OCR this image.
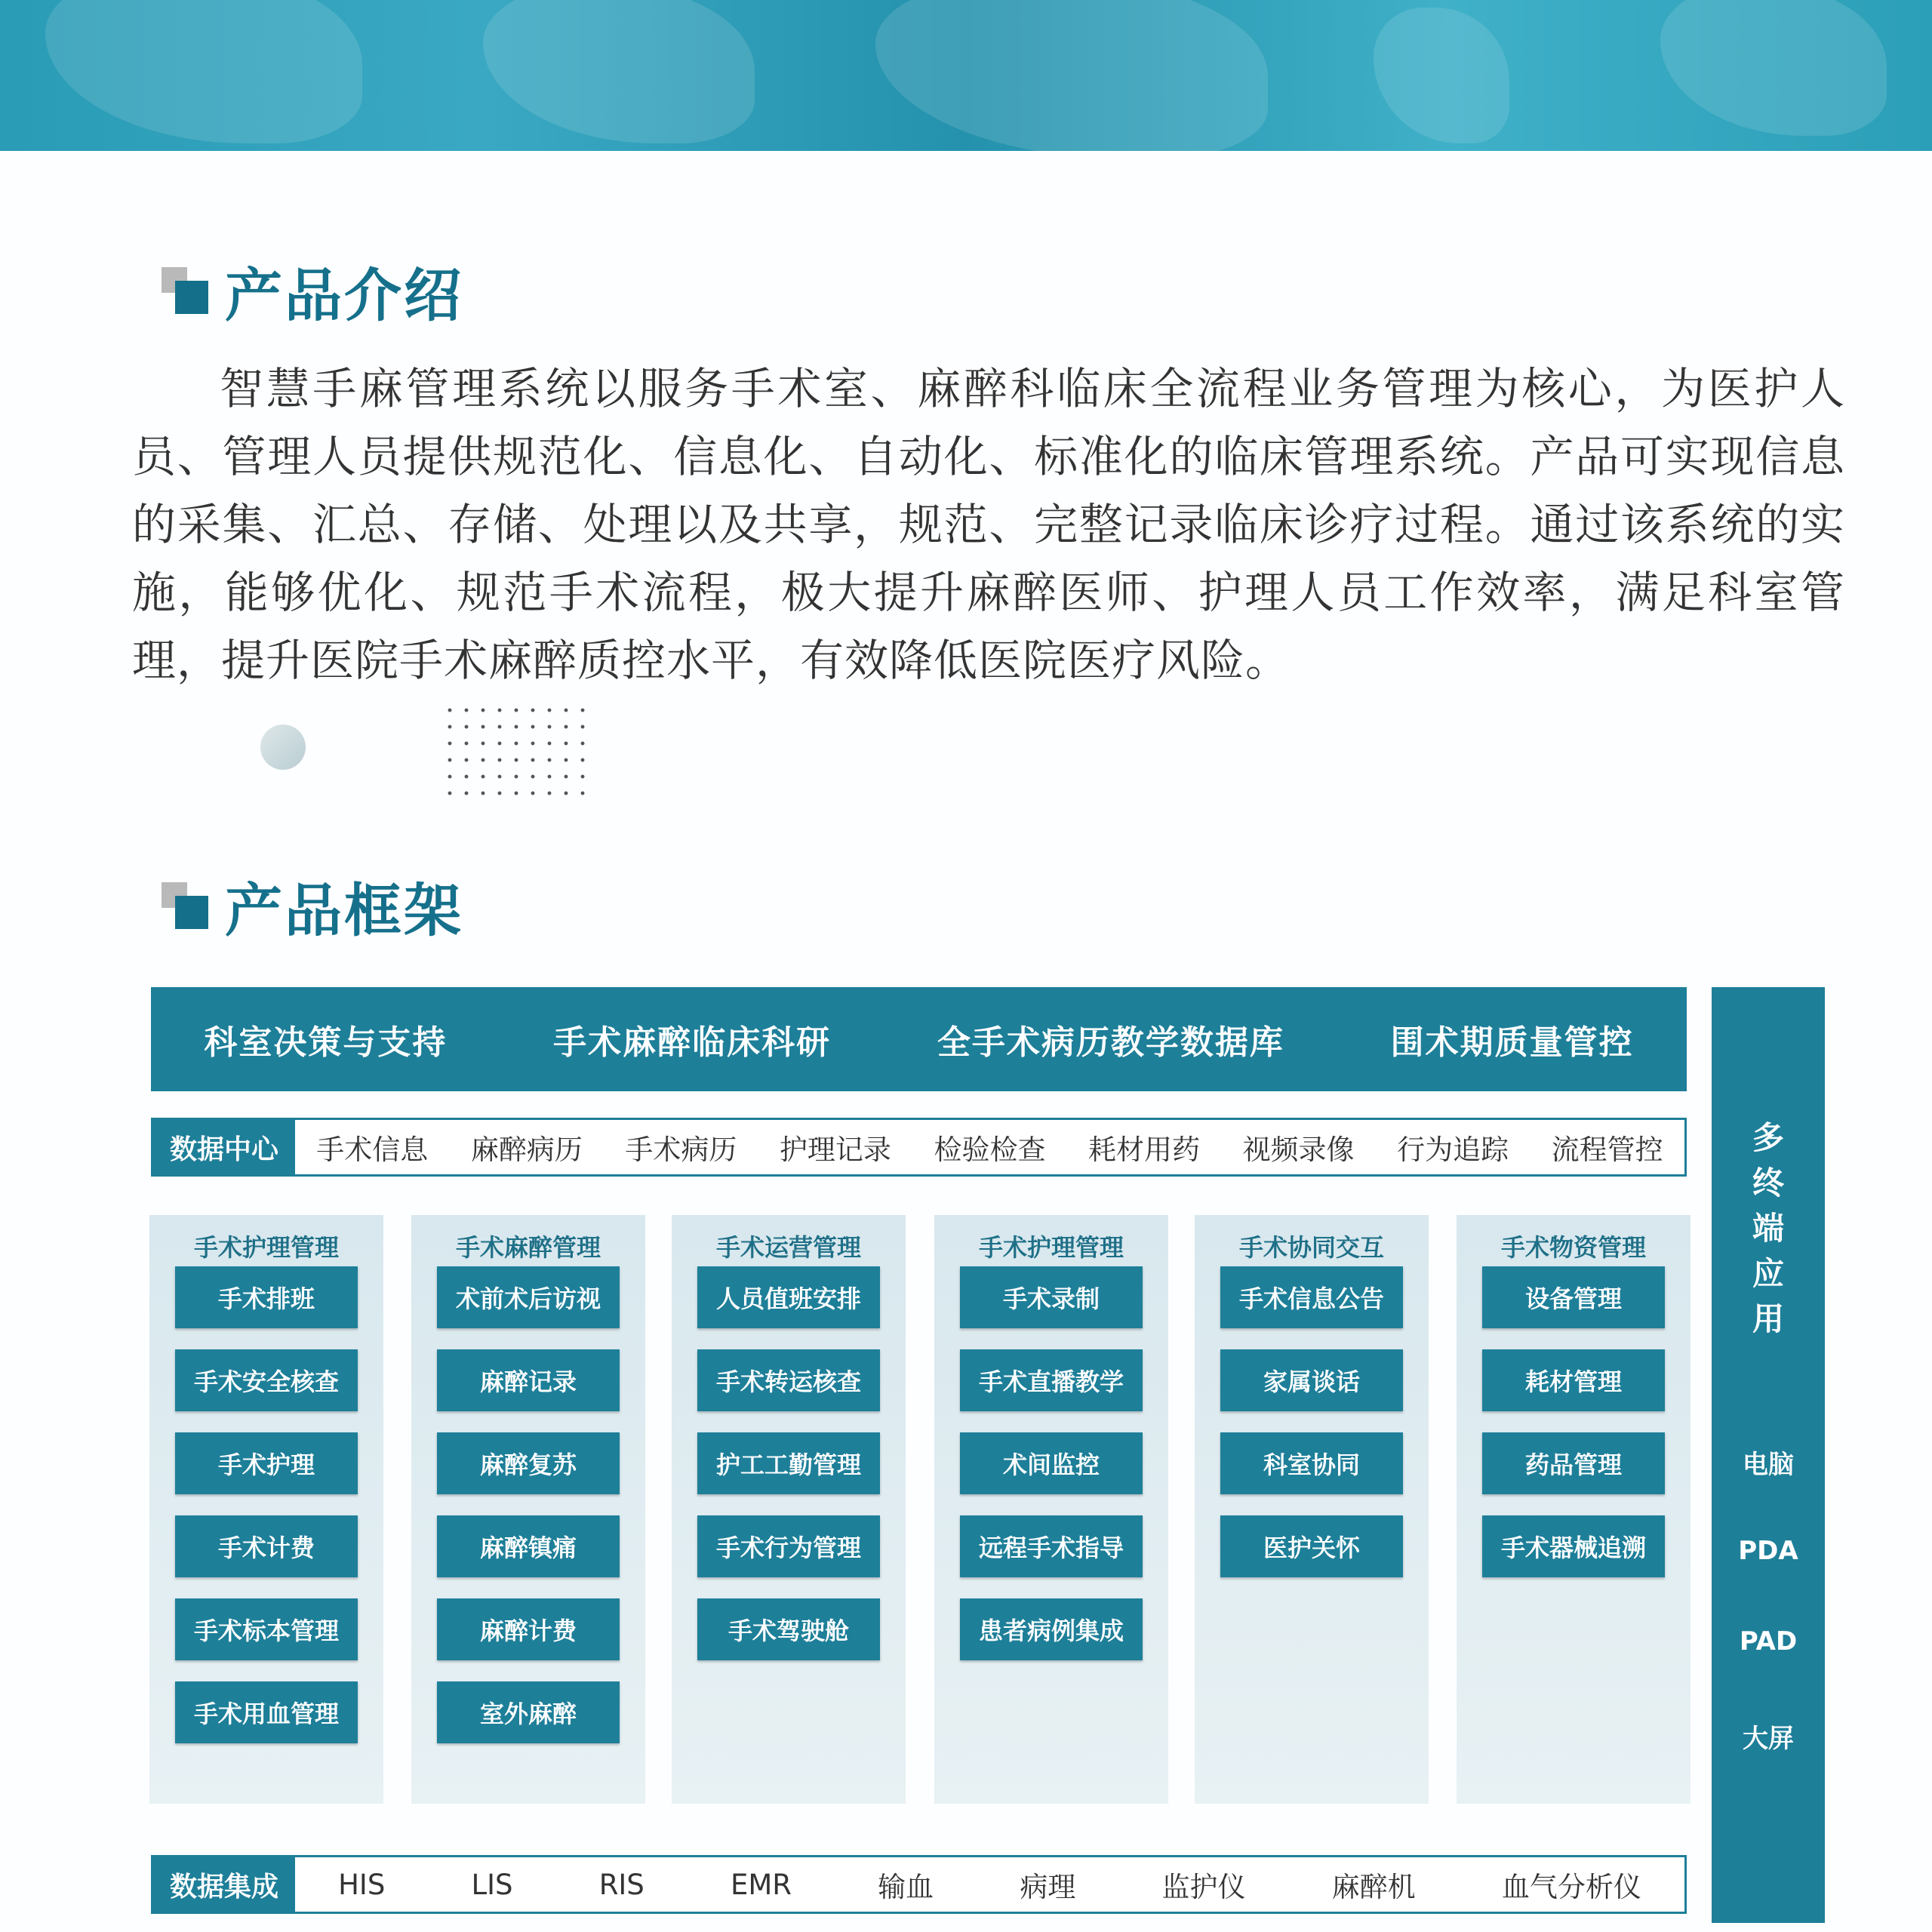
产品介绍
智慧手麻管理系统以服务手术室、麻醉科临床全流程业务管理为核心，为医护人员、管理人员提供规范化、信息化、自动化、标准化的临床管理系统。产品可实现信息的采集、汇总、存储、处理以及共享，规范、完整记录临床诊疗过程。通过该系统的实施，能够优化、规范手术流程，极大提升麻醉医师、护理人员工作效率，满足科室管理，提升医院手术麻醉质控水平，有效降低医院医疗风险。
产品框架
科室决策与支持	手术麻醉临床科研	全手术病历教学数据库	围术期质量管控
数据中心	手术信息 麻醉病历 手术病历 护理记录 检验检查 耗材用药 视频录像 行为追踪 流程管控
手术护理管理
手术排班
手术安全核查
手术护理
手术计费
手术标本管理
手术用血管理
手术麻醉管理
术前术后访视
麻醉记录
麻醉复苏
麻醉镇痛
麻醉计费
室外麻醉
手术运营管理
人员值班安排
手术转运核查
护工工勤管理
手术行为管理
手术驾驶舱
手术护理管理
手术录制
手术直播教学
术间监控
远程手术指导
患者病例集成
手术协同交互
手术信息公告
家属谈话
科室协同
医护关怀
手术物资管理
设备管理
耗材管理
药品管理
手术器械追溯
数据集成	HIS	LIS	RIS	EMR	输血	病理	监护仪	麻醉机	血气分析仪
多
终
端
应
用
电脑
PDA
PAD
大屏
